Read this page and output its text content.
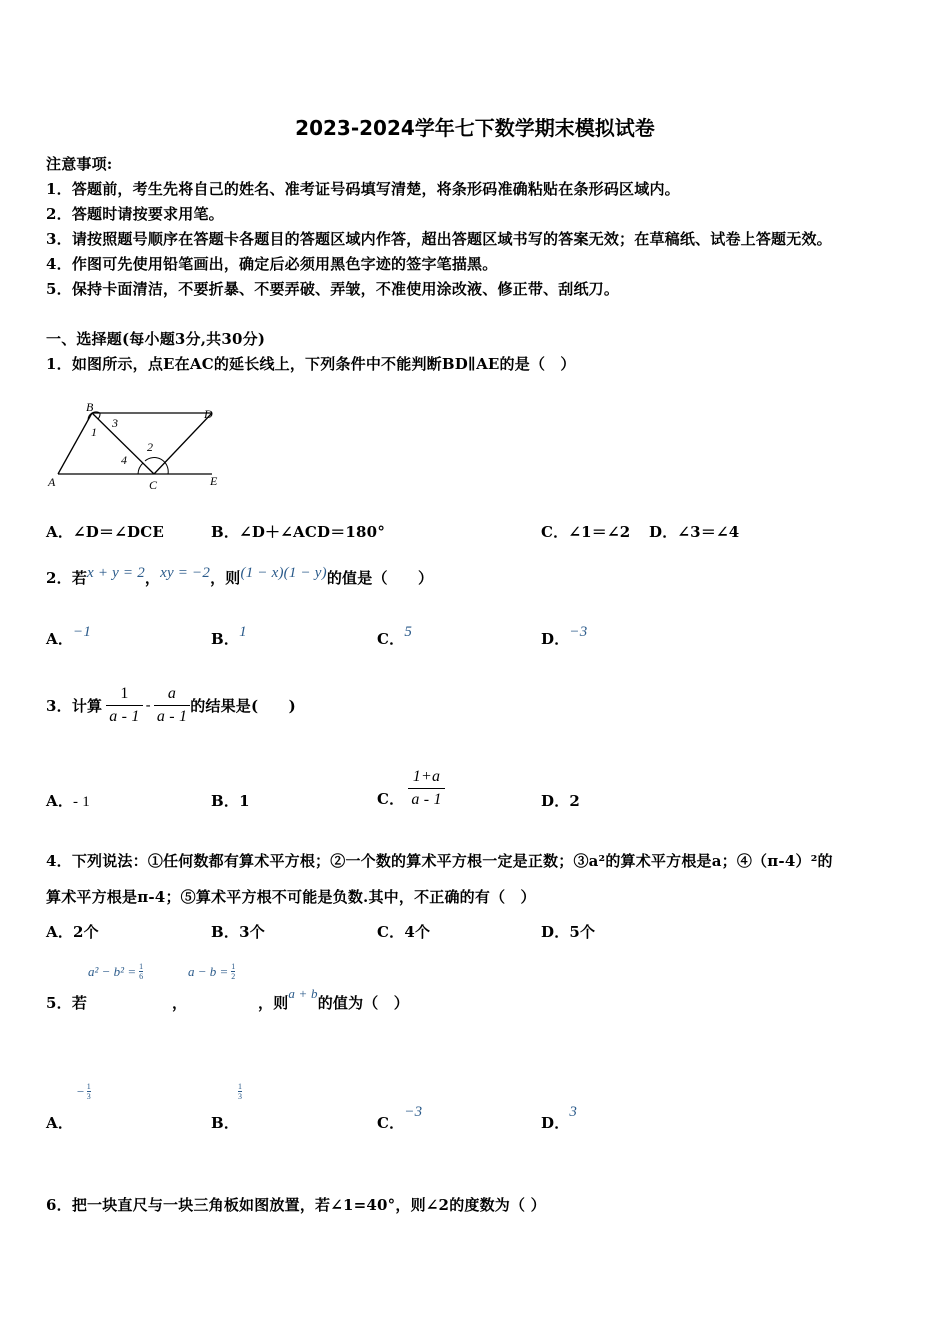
2023-2024学年七下数学期末模拟试卷
注意事项:
1．答题前，考生先将自己的姓名、准考证号码填写清楚，将条形码准确粘贴在条形码区域内。
2．答题时请按要求用笔。
3．请按照题号顺序在答题卡各题目的答题区域内作答，超出答题区域书写的答案无效；在草稿纸、试卷上答题无效。
4．作图可先使用铅笔画出，确定后必须用黑色字迹的签字笔描黑。
5．保持卡面清洁，不要折暴、不要弄破、弄皱，不准使用涂改液、修正带、刮纸刀。
一、选择题(每小题3分,共30分)
1．如图所示，点E在AC的延长线上，下列条件中不能判断BD∥AE的是（　）
B	D
A	C	E
1
2
3
4
A．∠D＝∠DCE	B．∠D＋∠ACD＝180°	C．∠1＝∠2 D．∠3＝∠4
2．若x + y = 2，xy = −2，则(1 − x)(1 − y)的值是（　　）
A．−1	B．1	C．5	D．−3
3．计算 $\frac{1}{a - 1} - \frac{a}{a - 1}$ 的结果是(　　)
A．- 1	B．1	C． $\frac{1+a}{a - 1}$	D．2
4．下列说法：①任何数都有算术平方根；②一个数的算术平方根一定是正数；③a²的算术平方根是a；④（π-4）²的
算术平方根是π-4；⑤算术平方根不可能是负数.其中，不正确的有（　）
A．2个	B．3个	C．4个	D．5个
$a^2 - b^2 = \frac{1}{6}$	$a - b = \frac{1}{2}$
5．若	，	，则a + b的值为（　）
A．
− $\frac{1}{3}$
B．
1
3
C．−3
D．3
6．把一块直尺与一块三角板如图放置，若∠1=40°，则∠2的度数为（ ）
